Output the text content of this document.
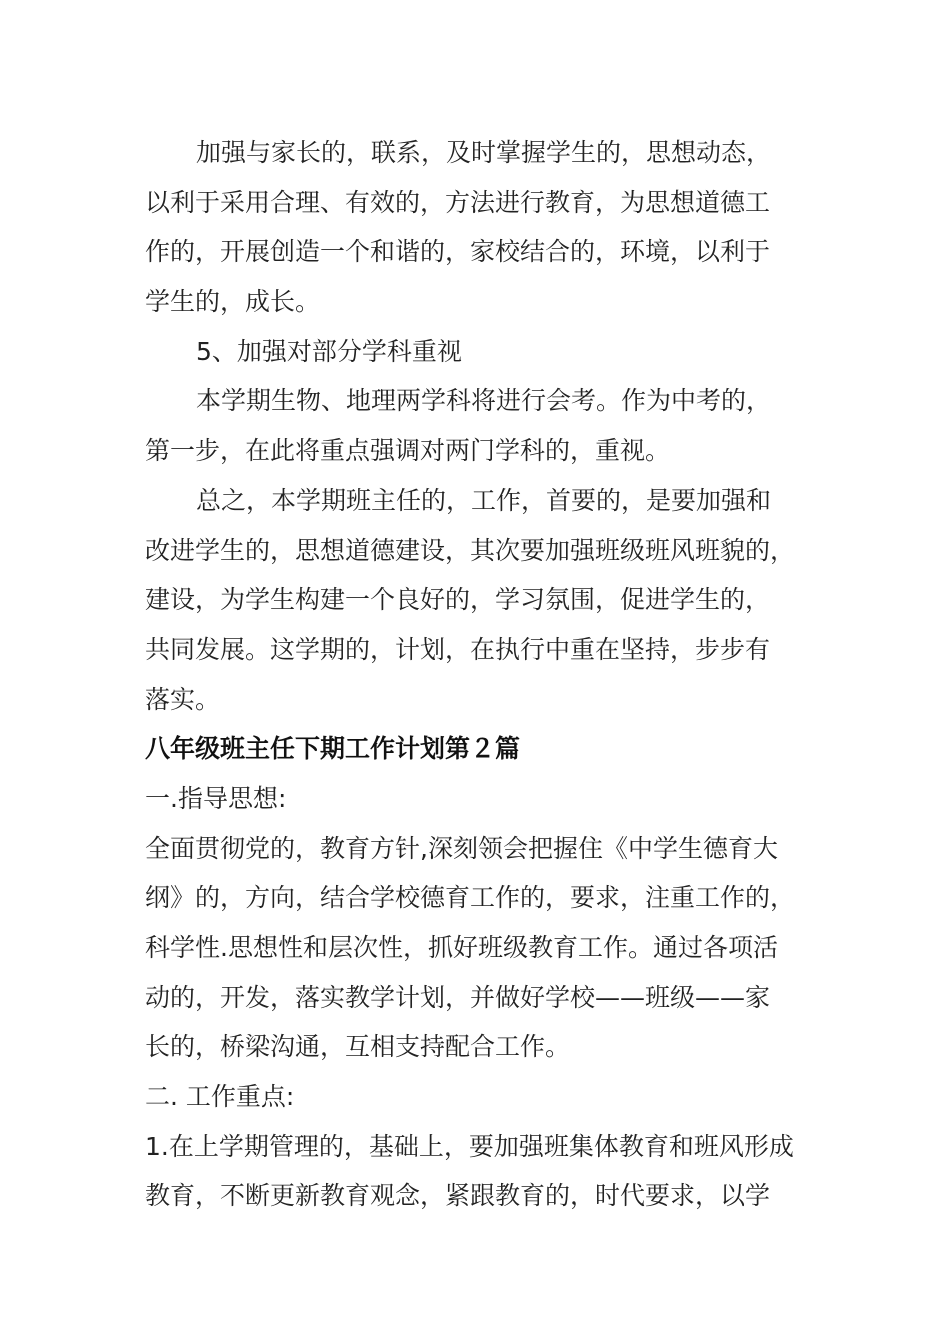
加强与家长的，联系，及时掌握学生的，思想动态，
以利于采用合理、有效的，方法进行教育，为思想道德工
作的，开展创造一个和谐的，家校结合的，环境，以利于
学生的，成长。
5、加强对部分学科重视
本学期生物、地理两学科将进行会考。作为中考的，
第一步，在此将重点强调对两门学科的，重视。
总之，本学期班主任的，工作，首要的，是要加强和
改进学生的，思想道德建设，其次要加强班级班风班貌的，
建设，为学生构建一个良好的，学习氛围，促进学生的，
共同发展。这学期的，计划，在执行中重在坚持，步步有
落实。
八年级班主任下期工作计划第２篇
一.指导思想:
全面贯彻党的，教育方针,深刻领会把握住《中学生德育大
纲》的，方向，结合学校德育工作的，要求，注重工作的，
科学性.思想性和层次性，抓好班级教育工作。通过各项活
动的，开发，落实教学计划，并做好学校——班级——家
长的，桥梁沟通，互相支持配合工作。
二. 工作重点:
1.在上学期管理的，基础上，要加强班集体教育和班风形成
教育，不断更新教育观念，紧跟教育的，时代要求，以学
